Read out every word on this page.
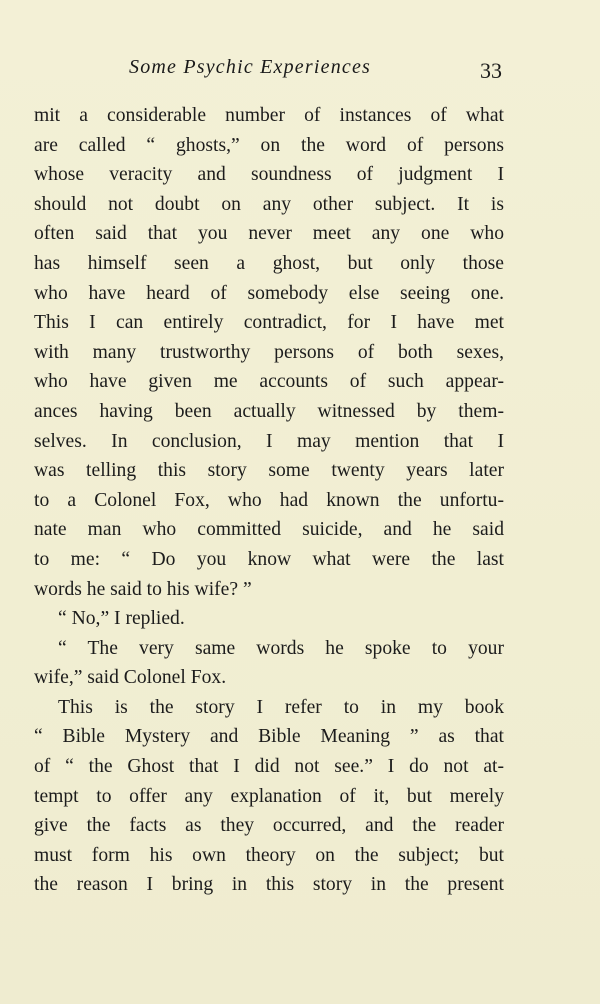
Some Psychic Experiences	33
mit a considerable number of instances of what
are called “ ghosts,” on the word of persons
whose veracity and soundness of judgment I
should not doubt on any other subject. It is
often said that you never meet any one who
has himself seen a ghost, but only those
who have heard of somebody else seeing one.
This I can entirely contradict, for I have met
with many trustworthy persons of both sexes,
who have given me accounts of such appear-
ances having been actually witnessed by them-
selves. In conclusion, I may mention that I
was telling this story some twenty years later
to a Colonel Fox, who had known the unfortu-
nate man who committed suicide, and he said
to me: “ Do you know what were the last
words he said to his wife? ”
“ No,” I replied.
“ The very same words he spoke to your
wife,” said Colonel Fox.
This is the story I refer to in my book
“ Bible Mystery and Bible Meaning ” as that
of “ the Ghost that I did not see.” I do not at-
tempt to offer any explanation of it, but merely
give the facts as they occurred, and the reader
must form his own theory on the subject; but
the reason I bring in this story in the present
